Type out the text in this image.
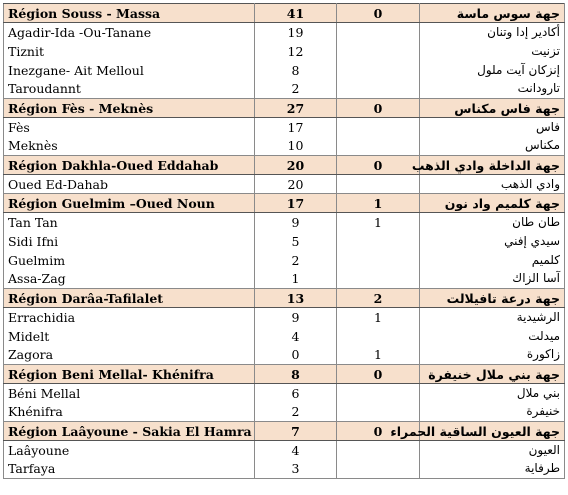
Région Souss - Massa	41	0	جهة سوس ماسة
Agadir-Ida -Ou-Tanane	19		أكادير إدا وتنان
Tiznit	12		تزنيت
Inezgane- Ait Melloul	8		إنزكان آيت ملول
Taroudannt	2		تارودانت
Région Fès - Meknès	27	0	جهة فاس مكناس
Fès	17		فاس
Meknès	10		مكناس
Région Dakhla-Oued Eddahab	20	0	جهة الداخلة وادي الذهب
Oued Ed-Dahab	20		وادي الذهب
Région Guelmim –Oued Noun	17	1	جهة كلميم واد نون
Tan Tan	9	1	طان طان
Sidi Ifni	5		سيدي إفني
Guelmim	2		كلميم
Assa-Zag	1		آسا الزاك
Région Darâa-Tafilalet	13	2	جهة درعة تافيلالت
Errachidia	9	1	الرشيدية
Midelt	4		ميدلت
Zagora	0	1	زاكورة
Région Beni Mellal- Khénifra	8	0	جهة بني ملال خنيفرة
Béni Mellal	6		بني ملال
Khénifra	2		خنيفرة
Région Laâyoune - Sakia El Hamra	7	0	جهة العيون الساقية الحمراء
Laâyoune	4		العيون
Tarfaya	3		طرفاية
